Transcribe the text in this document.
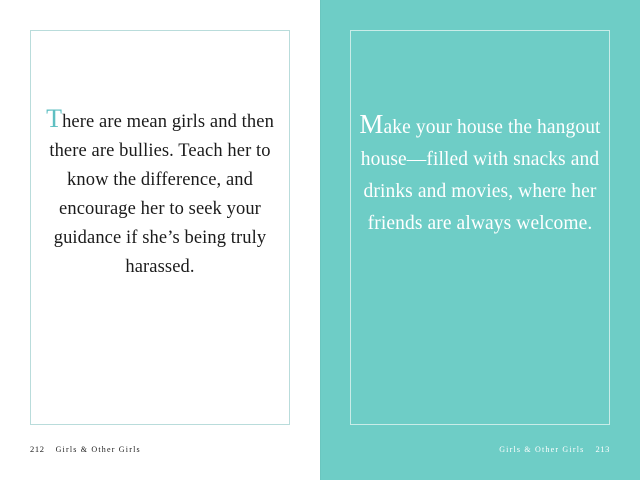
There are mean girls and then there are bullies. Teach her to know the difference, and encourage her to seek your guidance if she’s being truly harassed.
212 Girls & Other Girls
Make your house the hangout house—filled with snacks and drinks and movies, where her friends are always welcome.
Girls & Other Girls 213
